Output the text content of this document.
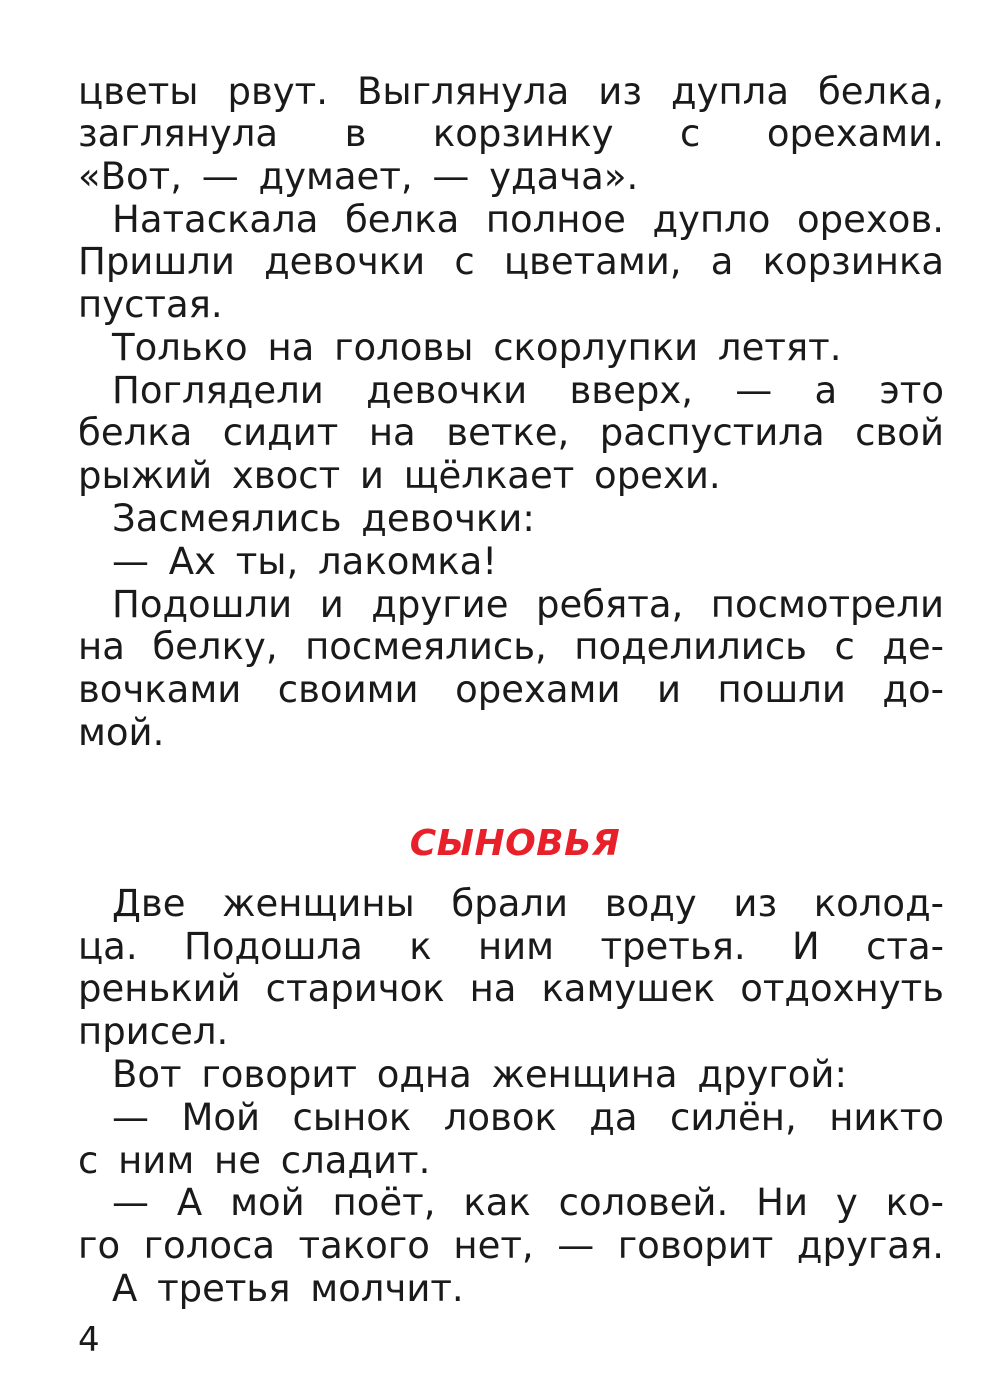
цветы рвут. Выглянула из дупла белка,
заглянула в корзинку с орехами.
«Вот, — думает, — удача».
Натаскала белка полное дупло орехов.
Пришли девочки с цветами, а корзинка
пустая.
Только на головы скорлупки летят.
Поглядели девочки вверх, — а это
белка сидит на ветке, распустила свой
рыжий хвост и щёлкает орехи.
Засмеялись девочки:
— Ах ты, лакомка!
Подошли и другие ребята, посмотрели
на белку, посмеялись, поделились с де-
вочками своими орехами и пошли до-
мой.
СЫНОВЬЯ
Две женщины брали воду из колод-
ца. Подошла к ним третья. И ста-
ренький старичок на камушек отдохнуть
присел.
Вот говорит одна женщина другой:
— Мой сынок ловок да силён, никто
с ним не сладит.
— А мой поёт, как соловей. Ни у ко-
го голоса такого нет, — говорит другая.
А третья молчит.
4
